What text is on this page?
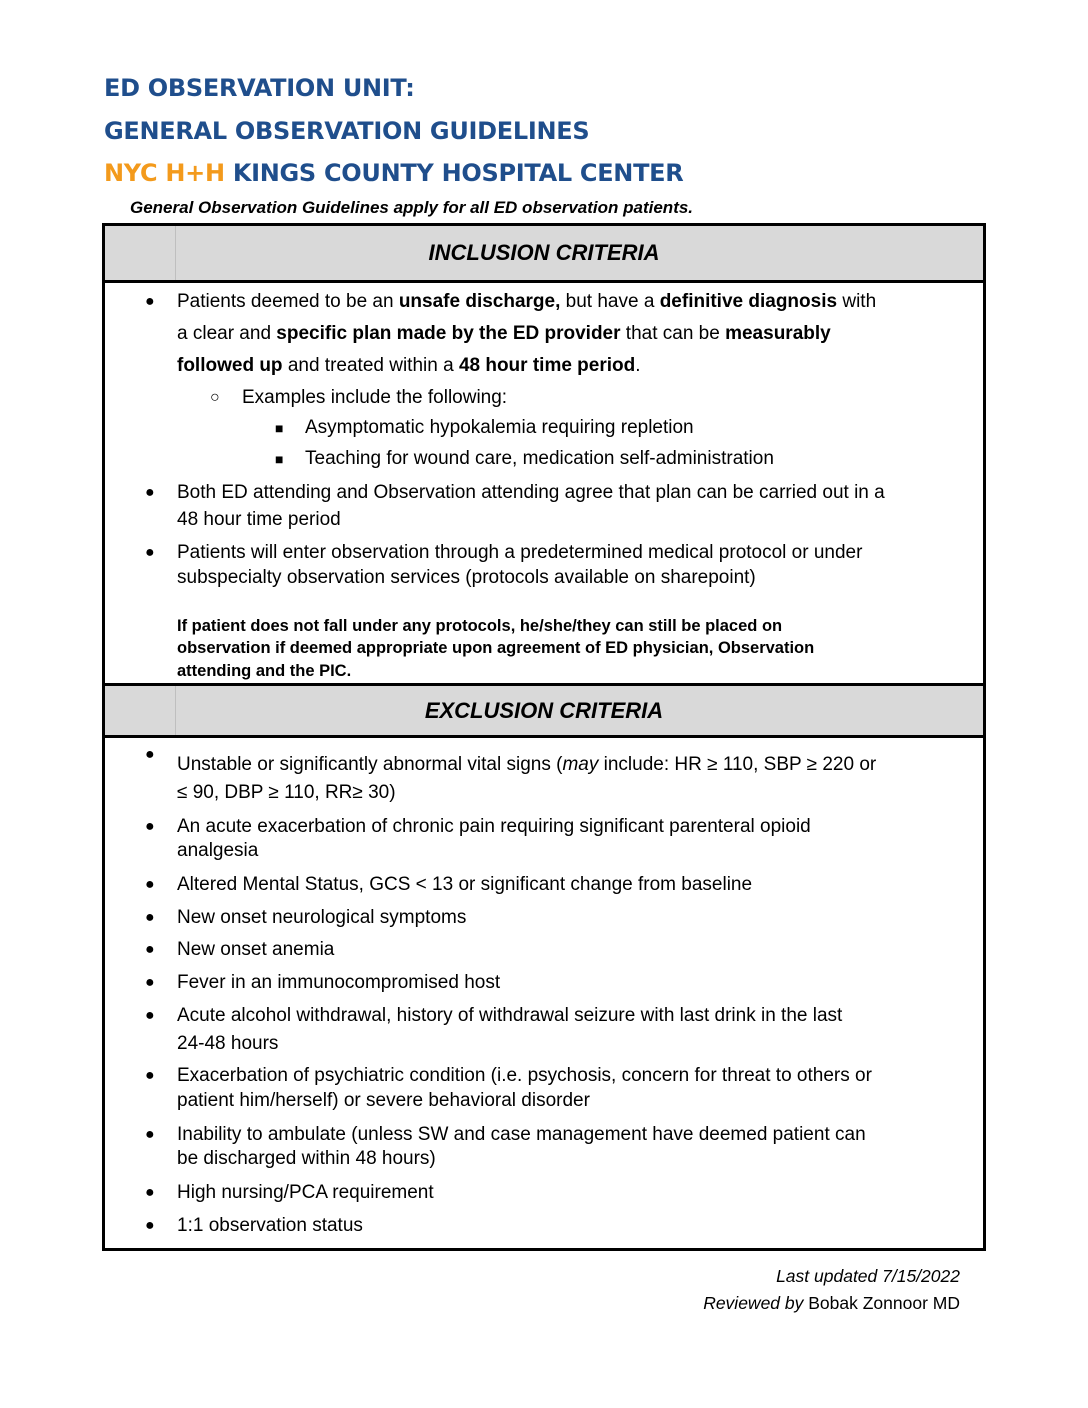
ED OBSERVATION UNIT:
GENERAL OBSERVATION GUIDELINES
NYC H+H KINGS COUNTY HOSPITAL CENTER
General Observation Guidelines apply for all ED observation patients.
INCLUSION CRITERIA
● Patients deemed to be an unsafe discharge, but have a definitive diagnosis with
a clear and specific plan made by the ED provider that can be measurably
followed up and treated within a 48 hour time period.
○ Examples include the following:
■ Asymptomatic hypokalemia requiring repletion
■ Teaching for wound care, medication self-administration
● Both ED attending and Observation attending agree that plan can be carried out in a
48 hour time period
● Patients will enter observation through a predetermined medical protocol or under
subspecialty observation services (protocols available on sharepoint)
If patient does not fall under any protocols, he/she/they can still be placed on
observation if deemed appropriate upon agreement of ED physician, Observation
attending and the PIC.
EXCLUSION CRITERIA
● Unstable or significantly abnormal vital signs (may include: HR ≥ 110, SBP ≥ 220 or
≤ 90, DBP ≥ 110, RR≥ 30)
● An acute exacerbation of chronic pain requiring significant parenteral opioid
analgesia
● Altered Mental Status, GCS < 13 or significant change from baseline
● New onset neurological symptoms
● New onset anemia
● Fever in an immunocompromised host
● Acute alcohol withdrawal, history of withdrawal seizure with last drink in the last
24-48 hours
● Exacerbation of psychiatric condition (i.e. psychosis, concern for threat to others or
patient him/herself) or severe behavioral disorder
● Inability to ambulate (unless SW and case management have deemed patient can
be discharged within 48 hours)
● High nursing/PCA requirement
● 1:1 observation status
Last updated 7/15/2022
Reviewed by Bobak Zonnoor MD
